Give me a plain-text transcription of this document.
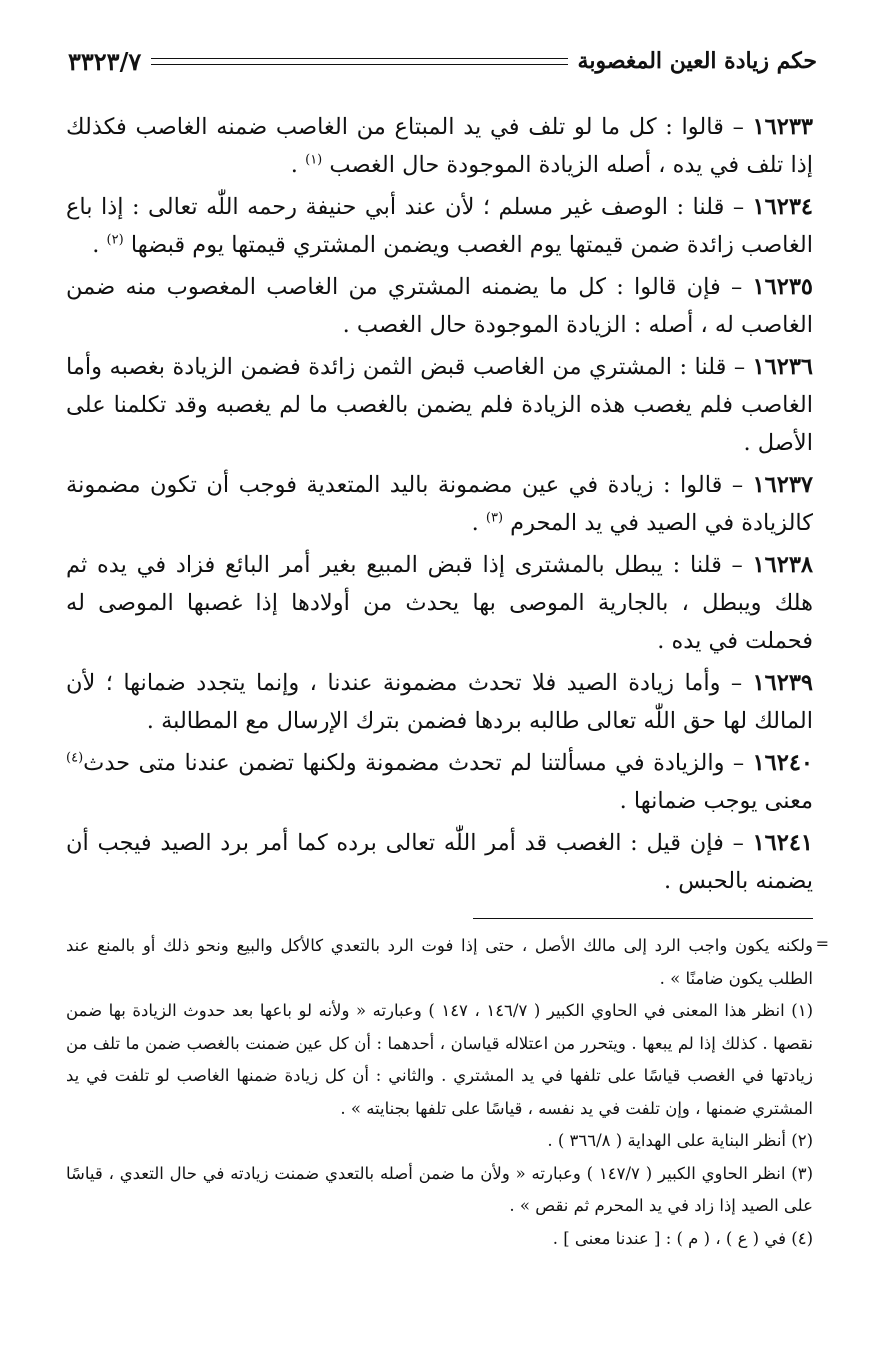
حكم زيادة العين المغصوبة
٣٣٢٣/٧

١٦٢٣٣ – قالوا : كل ما لو تلف في يد المبتاع من الغاصب ضمنه الغاصب فكذلك إذا تلف في يده ، أصله الزيادة الموجودة حال الغصب $^{(١)}$ .

١٦٢٣٤ – قلنا : الوصف غير مسلم ؛ لأن عند أبي حنيفة رحمه اللّٰه تعالى : إذا باع الغاصب زائدة ضمن قيمتها يوم الغصب ويضمن المشتري قيمتها يوم قبضها $^{(٢)}$ .

١٦٢٣٥ – فإن قالوا : كل ما يضمنه المشتري من الغاصب المغصوب منه ضمن الغاصب له ، أصله : الزيادة الموجودة حال الغصب .

١٦٢٣٦ – قلنا : المشتري من الغاصب قبض الثمن زائدة فضمن الزيادة بغصبه وأما الغاصب فلم يغصب هذه الزيادة فلم يضمن بالغصب ما لم يغصبه وقد تكلمنا على الأصل .

١٦٢٣٧ – قالوا : زيادة في عين مضمونة باليد المتعدية فوجب أن تكون مضمونة كالزيادة في الصيد في يد المحرم $^{(٣)}$ .

١٦٢٣٨ – قلنا : يبطل بالمشترى إذا قبض المبيع بغير أمر البائع فزاد في يده ثم هلك ويبطل ، بالجارية الموصى بها يحدث من أولادها إذا غصبها الموصى له فحملت في يده .

١٦٢٣٩ – وأما زيادة الصيد فلا تحدث مضمونة عندنا ، وإنما يتجدد ضمانها ؛ لأن المالك لها حق اللّٰه تعالى طالبه بردها فضمن بترك الإرسال مع المطالبة .

١٦٢٤٠ – والزيادة في مسألتنا لم تحدث مضمونة ولكنها تضمن عندنا متى حدث$^{(٤)}$ معنى يوجب ضمانها .

١٦٢٤١ – فإن قيل : الغصب قد أمر اللّٰه تعالى برده كما أمر برد الصيد فيجب أن يضمنه بالحبس .

=

ولكنه يكون واجب الرد إلى مالك الأصل ، حتى إذا فوت الرد بالتعدي كالأكل والبيع ونحو ذلك أو بالمنع عند الطلب يكون ضامنًا » .

(١) انظر هذا المعنى في الحاوي الكبير ( ١٤٦/٧ ، ١٤٧ ) وعبارته « ولأنه لو باعها بعد حدوث الزيادة بها ضمن نقصها . كذلك إذا لم يبعها . ويتحرر من اعتلاله قياسان ، أحدهما : أن كل عين ضمنت بالغصب ضمن ما تلف من زيادتها في الغصب قياسًا على تلفها في يد المشتري . والثاني : أن كل زيادة ضمنها الغاصب لو تلفت في يد المشتري ضمنها ، وإن تلفت في يد نفسه ، قياسًا على تلفها بجنايته » .

(٢) أنظر البناية على الهداية ( ٣٦٦/٨ ) .

(٣) انظر الحاوي الكبير ( ١٤٧/٧ ) وعبارته « ولأن ما ضمن أصله بالتعدي ضمنت زيادته في حال التعدي ، قياسًا على الصيد إذا زاد في يد المحرم ثم نقص » .

(٤) في ( ع ) ، ( م ) : [ عندنا معنى ] .
